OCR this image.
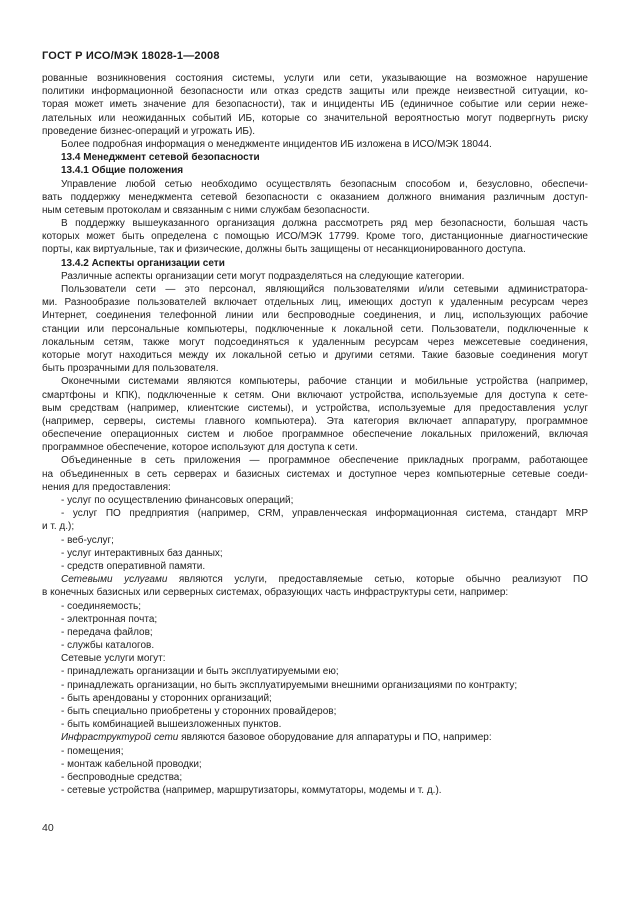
ГОСТ Р ИСО/МЭК 18028-1—2008
рованные возникновения состояния системы, услуги или сети, указывающие на возможное нарушение
политики информационной безопасности или отказ средств защиты или прежде неизвестной ситуации, ко-
торая может иметь значение для безопасности), так и инциденты ИБ (единичное событие или серии неже-
лательных или неожиданных событий ИБ, которые со значительной вероятностью могут подвергнуть риску
проведение бизнес-операций и угрожать ИБ).
Более подробная информация о менеджменте инцидентов ИБ изложена в ИСО/МЭК 18044.
13.4 Менеджмент сетевой безопасности
13.4.1 Общие положения
Управление любой сетью необходимо осуществлять безопасным способом и, безусловно, обеспечи-
вать поддержку менеджмента сетевой безопасности с оказанием должного внимания различным доступ-
ным сетевым протоколам и связанным с ними службам безопасности.
В поддержку вышеуказанного организация должна рассмотреть ряд мер безопасности, большая часть
которых может быть определена с помощью ИСО/МЭК 17799. Кроме того, дистанционные диагностические
порты, как виртуальные, так и физические, должны быть защищены от несанкционированного доступа.
13.4.2 Аспекты организации сети
Различные аспекты организации сети могут подразделяться на следующие категории.
Пользователи сети — это персонал, являющийся пользователями и/или сетевыми администратора-
ми. Разнообразие пользователей включает отдельных лиц, имеющих доступ к удаленным ресурсам через
Интернет, соединения телефонной линии или беспроводные соединения, и лиц, использующих рабочие
станции или персональные компьютеры, подключенные к локальной сети. Пользователи, подключенные к
локальным сетям, также могут подсоединяться к удаленным ресурсам через межсетевые соединения,
которые могут находиться между их локальной сетью и другими сетями. Такие базовые соединения могут
быть прозрачными для пользователя.
Оконечными системами являются компьютеры, рабочие станции и мобильные устройства (например,
смартфоны и КПК), подключенные к сетям. Они включают устройства, используемые для доступа к сете-
вым средствам (например, клиентские системы), и устройства, используемые для предоставления услуг
(например, серверы, системы главного компьютера). Эта категория включает аппаратуру, программное
обеспечение операционных систем и любое программное обеспечение локальных приложений, включая
программное обеспечение, которое используют для доступа к сети.
Объединенные в сеть приложения — программное обеспечение прикладных программ, работающее
на объединенных в сеть серверах и базисных системах и доступное через компьютерные сетевые соеди-
нения для предоставления:
- услуг по осуществлению финансовых операций;
- услуг ПО предприятия (например, CRM, управленческая информационная система, стандарт MRP
и т. д.);
- веб-услуг;
- услуг интерактивных баз данных;
- средств оперативной памяти.
Сетевыми услугами являются услуги, предоставляемые сетью, которые обычно реализуют ПО
в конечных базисных или серверных системах, образующих часть инфраструктуры сети, например:
- соединяемость;
- электронная почта;
- передача файлов;
- службы каталогов.
Сетевые услуги могут:
- принадлежать организации и быть эксплуатируемыми ею;
- принадлежать организации, но быть эксплуатируемыми внешними организациями по контракту;
- быть арендованы у сторонних организаций;
- быть специально приобретены у сторонних провайдеров;
- быть комбинацией вышеизложенных пунктов.
Инфраструктурой сети являются базовое оборудование для аппаратуры и ПО, например:
- помещения;
- монтаж кабельной проводки;
- беспроводные средства;
- сетевые устройства (например, маршрутизаторы, коммутаторы, модемы и т. д.).
40
